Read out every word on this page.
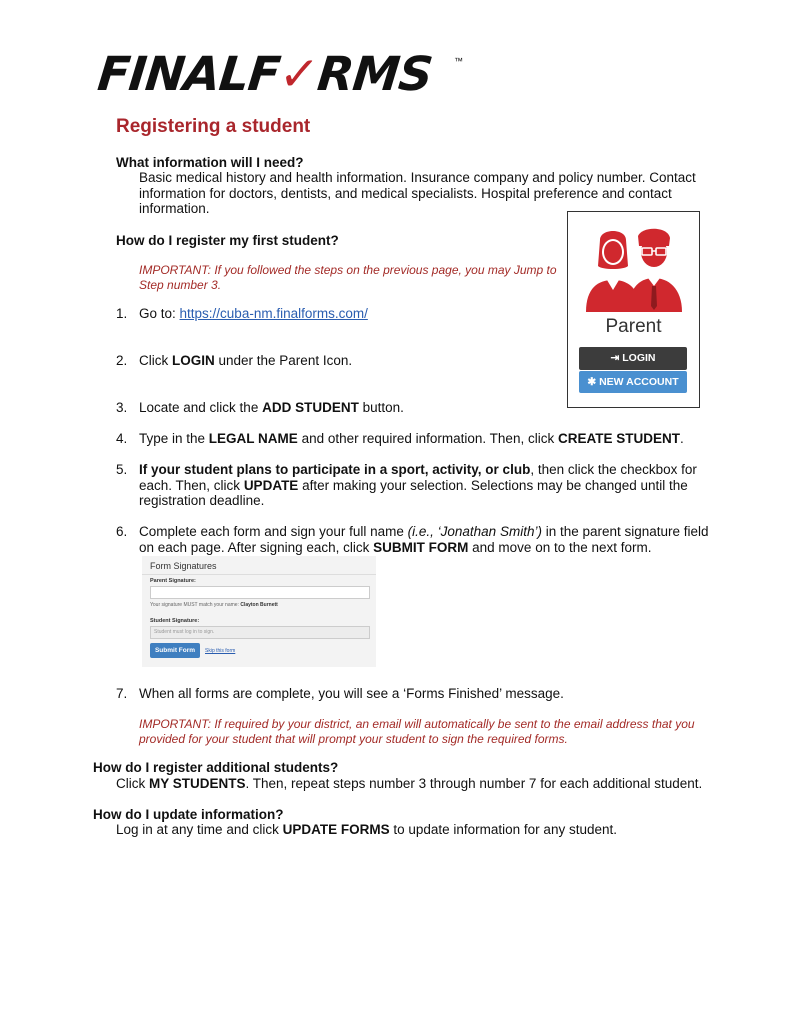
FINALF✓RMS ™
Registering a student
What information will I need?
Basic medical history and health information. Insurance company and policy number. Contact
information for doctors, dentists, and medical specialists. Hospital preference and contact
information.
How do I register my first student?
IMPORTANT: If you followed the steps on the previous page, you may Jump to
Step number 3.
1. Go to: https://cuba-nm.finalforms.com/
2. Click LOGIN under the Parent Icon.
3. Locate and click the ADD STUDENT button.
4. Type in the LEGAL NAME and other required information. Then, click CREATE STUDENT.
5. If your student plans to participate in a sport, activity, or club, then click the checkbox for
each. Then, click UPDATE after making your selection. Selections may be changed until the
registration deadline.
6. Complete each form and sign your full name (i.e., ‘Jonathan Smith’) in the parent signature field
on each page. After signing each, click SUBMIT FORM and move on to the next form.
Form Signatures
Parent Signature:
Your signature MUST match your name: Clayton Burnett
Student Signature:
Student must log in to sign.
Submit Form	Skip this form
7. When all forms are complete, you will see a ‘Forms Finished’ message.
IMPORTANT: If required by your district, an email will automatically be sent to the email address that you
provided for your student that will prompt your student to sign the required forms.
How do I register additional students?
Click MY STUDENTS. Then, repeat steps number 3 through number 7 for each additional student.
How do I update information?
Log in at any time and click UPDATE FORMS to update information for any student.
Parent
⇥ LOGIN
✱ NEW ACCOUNT
